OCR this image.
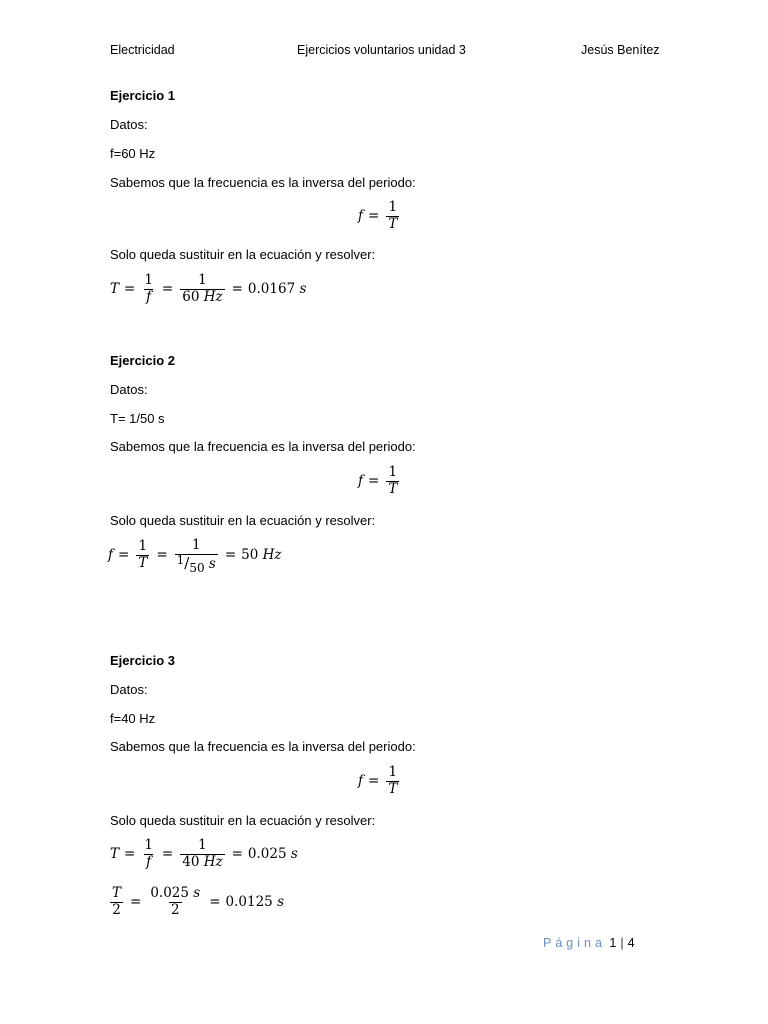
Electricidad	Ejercicios voluntarios unidad 3	Jesús Benítez
Ejercicio 1
Datos:
f=60 Hz
Sabemos que la frecuencia es la inversa del periodo:
$f = \frac{1}{T}$
Solo queda sustituir en la ecuación y resolver:
$T = \frac{1}{f} = \frac{1}{60 Hz} = 0.0167$
s
Ejercicio 2
Datos:
T= 1/50 s
Sabemos que la frecuencia es la inversa del periodo:
$f = \frac{1}{T}$
Solo queda sustituir en la ecuación y resolver:
$f = \frac{1}{T} = \frac{1}{1/50 s} = 50$
Hz
Ejercicio 3
Datos:
f=40 Hz
Sabemos que la frecuencia es la inversa del periodo:
$f = \frac{1}{T}$
Solo queda sustituir en la ecuación y resolver:
$T = \frac{1}{f} = \frac{1}{40 Hz} = 0.025$
s
$\frac{T}{2} = \frac{0.025 s}{2} = 0.0125$
s
Página 1 | 4
